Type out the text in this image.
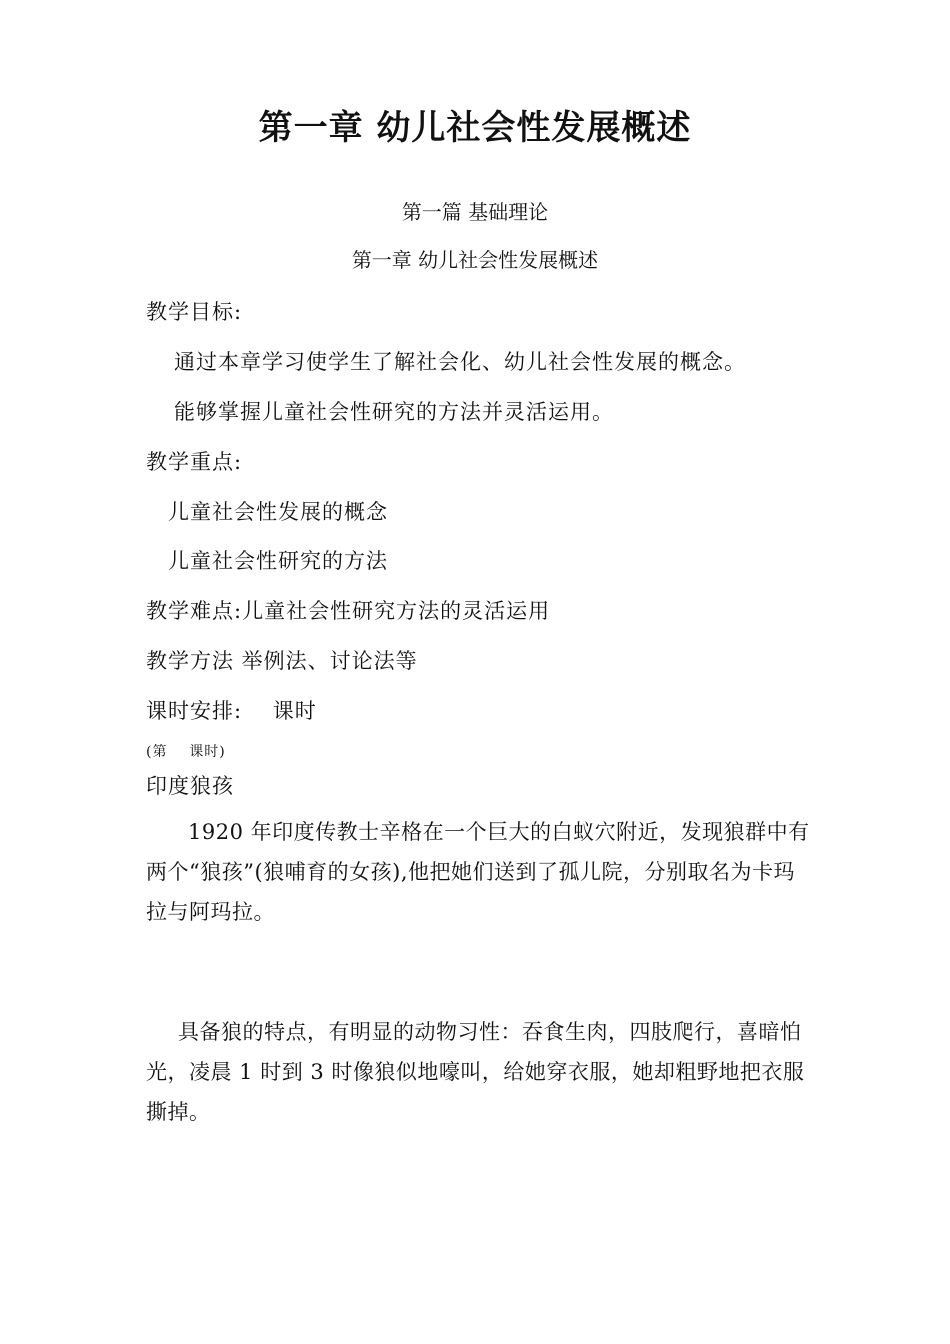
第一章 幼儿社会性发展概述
第一篇 基础理论
第一章 幼儿社会性发展概述
教学目标:
通过本章学习使学生了解社会化、幼儿社会性发展的概念。
能够掌握儿童社会性研究的方法并灵活运用。
教学重点:
儿童社会性发展的概念
儿童社会性研究的方法
教学难点:儿童社会性研究方法的灵活运用
教学方法 举例法、讨论法等
课时安排:    课时
(第    课时)
印度狼孩

1920 年印度传教士辛格在一个巨大的白蚁穴附近，发现狼群中有两个“狼孩”(狼哺育的女孩),他把她们送到了孤儿院，分别取名为卡玛拉与阿玛拉。

具备狼的特点，有明显的动物习性：吞食生肉，四肢爬行，喜暗怕光，凌晨 1 时到 3 时像狼似地嚎叫，给她穿衣服，她却粗野地把衣服撕掉。
